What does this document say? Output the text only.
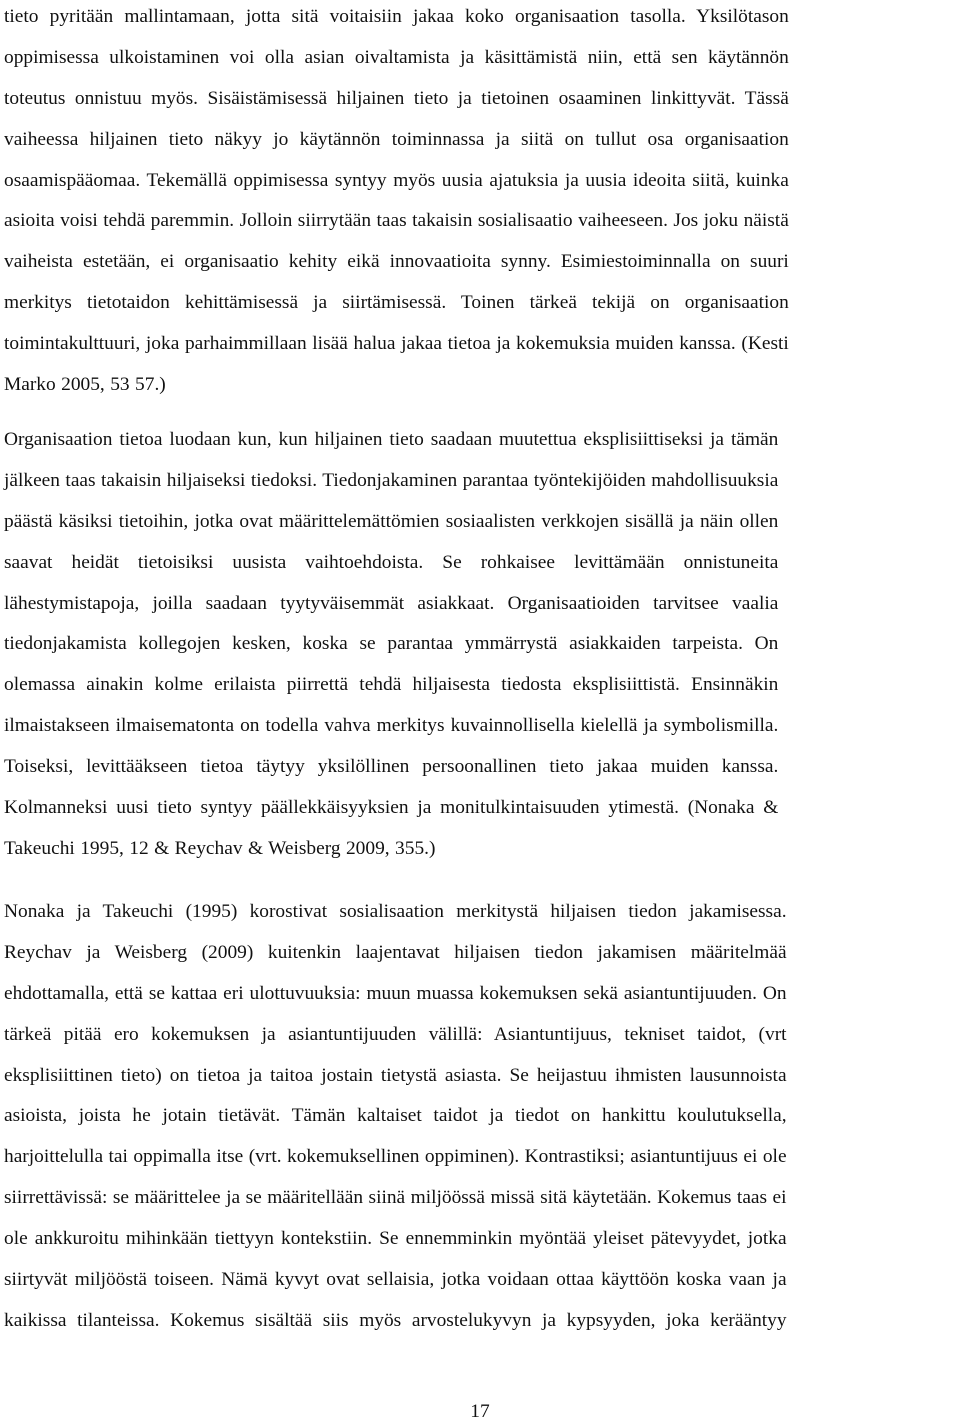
tieto pyritään mallintamaan, jotta sitä voitaisiin jakaa koko organisaation tasolla. Yksilötason
oppimisessa ulkoistaminen voi olla asian oivaltamista ja käsittämistä niin, että sen käytännön
toteutus onnistuu myös. Sisäistämisessä hiljainen tieto ja tietoinen osaaminen linkittyvät. Tässä
vaiheessa hiljainen tieto näkyy jo käytännön toiminnassa ja siitä on tullut osa organisaation
osaamispääomaa. Tekemällä oppimisessa syntyy myös uusia ajatuksia ja uusia ideoita siitä, kuinka
asioita voisi tehdä paremmin. Jolloin siirrytään taas takaisin sosialisaatio vaiheeseen. Jos joku näistä
vaiheista estetään, ei organisaatio kehity eikä innovaatioita synny. Esimiestoiminnalla on suuri
merkitys tietotaidon kehittämisessä ja siirtämisessä. Toinen tärkeä tekijä on organisaation
toimintakulttuuri, joka parhaimmillaan lisää halua jakaa tietoa ja kokemuksia muiden kanssa. (Kesti
Marko 2005, 53 57.)

Organisaation tietoa luodaan kun, kun hiljainen tieto saadaan muutettua eksplisiittiseksi ja tämän
jälkeen taas takaisin hiljaiseksi tiedoksi. Tiedonjakaminen parantaa työntekijöiden mahdollisuuksia
päästä käsiksi tietoihin, jotka ovat määrittelemättömien sosiaalisten verkkojen sisällä ja näin ollen
saavat heidät tietoisiksi uusista vaihtoehdoista. Se rohkaisee levittämään onnistuneita
lähestymistapoja, joilla saadaan tyytyväisemmät asiakkaat. Organisaatioiden tarvitsee vaalia
tiedonjakamista kollegojen kesken, koska se parantaa ymmärrystä asiakkaiden tarpeista. On
olemassa ainakin kolme erilaista piirrettä tehdä hiljaisesta tiedosta eksplisiittistä. Ensinnäkin
ilmaistakseen ilmaisematonta on todella vahva merkitys kuvainnollisella kielellä ja symbolismilla.
Toiseksi, levittääkseen tietoa täytyy yksilöllinen persoonallinen tieto jakaa muiden kanssa.
Kolmanneksi uusi tieto syntyy päällekkäisyyksien ja monitulkintaisuuden ytimestä. (Nonaka &
Takeuchi 1995, 12 & Reychav & Weisberg 2009, 355.)

Nonaka ja Takeuchi (1995) korostivat sosialisaation merkitystä hiljaisen tiedon jakamisessa.
Reychav ja Weisberg (2009) kuitenkin laajentavat hiljaisen tiedon jakamisen määritelmää
ehdottamalla, että se kattaa eri ulottuvuuksia: muun muassa kokemuksen sekä asiantuntijuuden. On
tärkeä pitää ero kokemuksen ja asiantuntijuuden välillä: Asiantuntijuus, tekniset taidot, (vrt
eksplisiittinen tieto) on tietoa ja taitoa jostain tietystä asiasta. Se heijastuu ihmisten lausunnoista
asioista, joista he jotain tietävät. Tämän kaltaiset taidot ja tiedot on hankittu koulutuksella,
harjoittelulla tai oppimalla itse (vrt. kokemuksellinen oppiminen). Kontrastiksi; asiantuntijuus ei ole
siirrettävissä: se määrittelee ja se määritellään siinä miljöössä missä sitä käytetään. Kokemus taas ei
ole ankkuroitu mihinkään tiettyyn kontekstiin. Se ennemminkin myöntää yleiset pätevyydet, jotka
siirtyvät miljööstä toiseen. Nämä kyvyt ovat sellaisia, jotka voidaan ottaa käyttöön koska vaan ja
kaikissa tilanteissa. Kokemus sisältää siis myös arvostelukyvyn ja kypsyyden, joka kerääntyy

17
